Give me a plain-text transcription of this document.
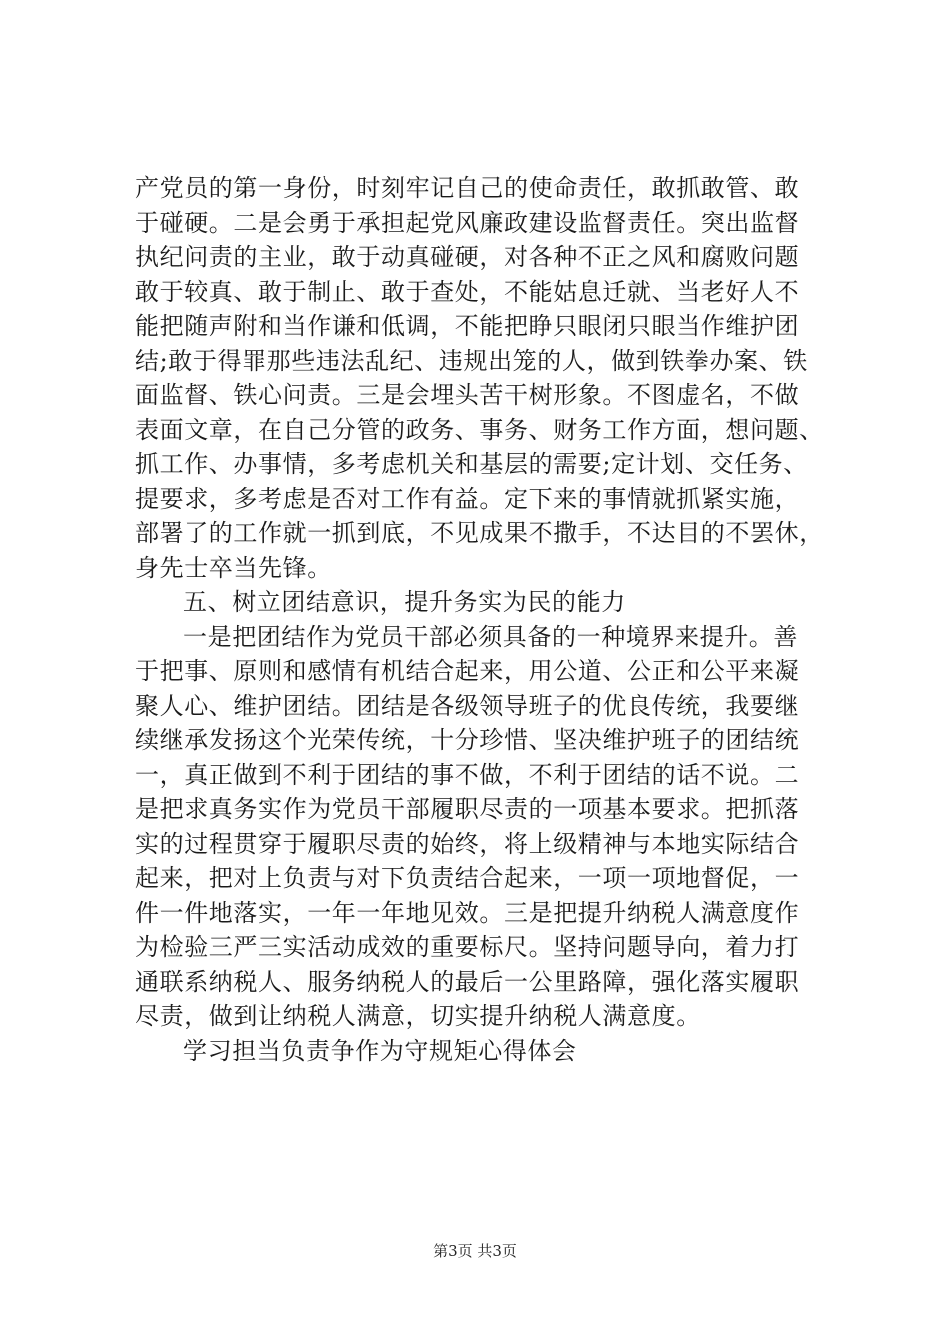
产党员的第一身份，时刻牢记自己的使命责任，敢抓敢管、敢
于碰硬。二是会勇于承担起党风廉政建设监督责任。突出监督
执纪问责的主业，敢于动真碰硬，对各种不正之风和腐败问题
敢于较真、敢于制止、敢于查处，不能姑息迁就、当老好人不
能把随声附和当作谦和低调，不能把睁只眼闭只眼当作维护团
结;敢于得罪那些违法乱纪、违规出笼的人，做到铁拳办案、铁
面监督、铁心问责。三是会埋头苦干树形象。不图虚名，不做
表面文章，在自己分管的政务、事务、财务工作方面，想问题、
抓工作、办事情，多考虑机关和基层的需要;定计划、交任务、
提要求，多考虑是否对工作有益。定下来的事情就抓紧实施，
部署了的工作就一抓到底，不见成果不撒手，不达目的不罢休，
身先士卒当先锋。
五、树立团结意识，提升务实为民的能力
一是把团结作为党员干部必须具备的一种境界来提升。善
于把事、原则和感情有机结合起来，用公道、公正和公平来凝
聚人心、维护团结。团结是各级领导班子的优良传统，我要继
续继承发扬这个光荣传统，十分珍惜、坚决维护班子的团结统
一，真正做到不利于团结的事不做，不利于团结的话不说。二
是把求真务实作为党员干部履职尽责的一项基本要求。把抓落
实的过程贯穿于履职尽责的始终，将上级精神与本地实际结合
起来，把对上负责与对下负责结合起来，一项一项地督促，一
件一件地落实，一年一年地见效。三是把提升纳税人满意度作
为检验三严三实活动成效的重要标尺。坚持问题导向，着力打
通联系纳税人、服务纳税人的最后一公里路障，强化落实履职
尽责，做到让纳税人满意，切实提升纳税人满意度。
学习担当负责争作为守规矩心得体会
第3页 共3页
